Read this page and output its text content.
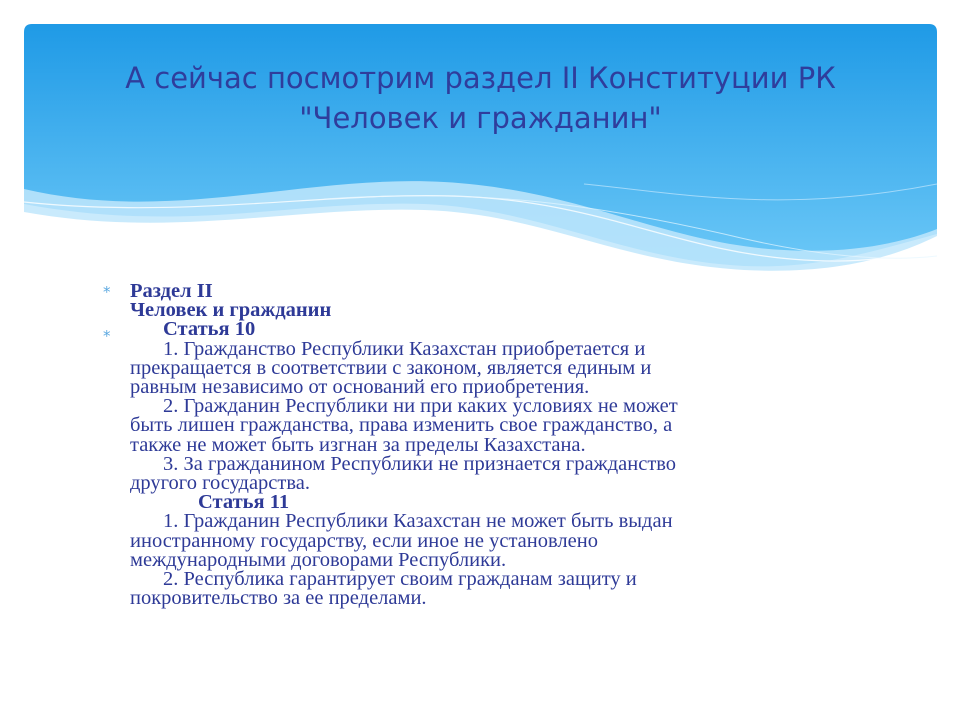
А сейчас посмотрим раздел II Конституции РК
"Человек и гражданин"
*
*
Раздел II
Человек и гражданин
Статья 10
1. Гражданство Республики Казахстан приобретается и
прекращается в соответствии с законом, является единым и
равным независимо от оснований его приобретения.
2. Гражданин Республики ни при каких условиях не может
быть лишен гражданства, права изменить свое гражданство, а
также не может быть изгнан за пределы Казахстана.
3. За гражданином Республики не признается гражданство
другого государства.
Статья 11
1. Гражданин Республики Казахстан не может быть выдан
иностранному государству, если иное не установлено
международными договорами Республики.
2. Республика гарантирует своим гражданам защиту и
покровительство за ее пределами.
